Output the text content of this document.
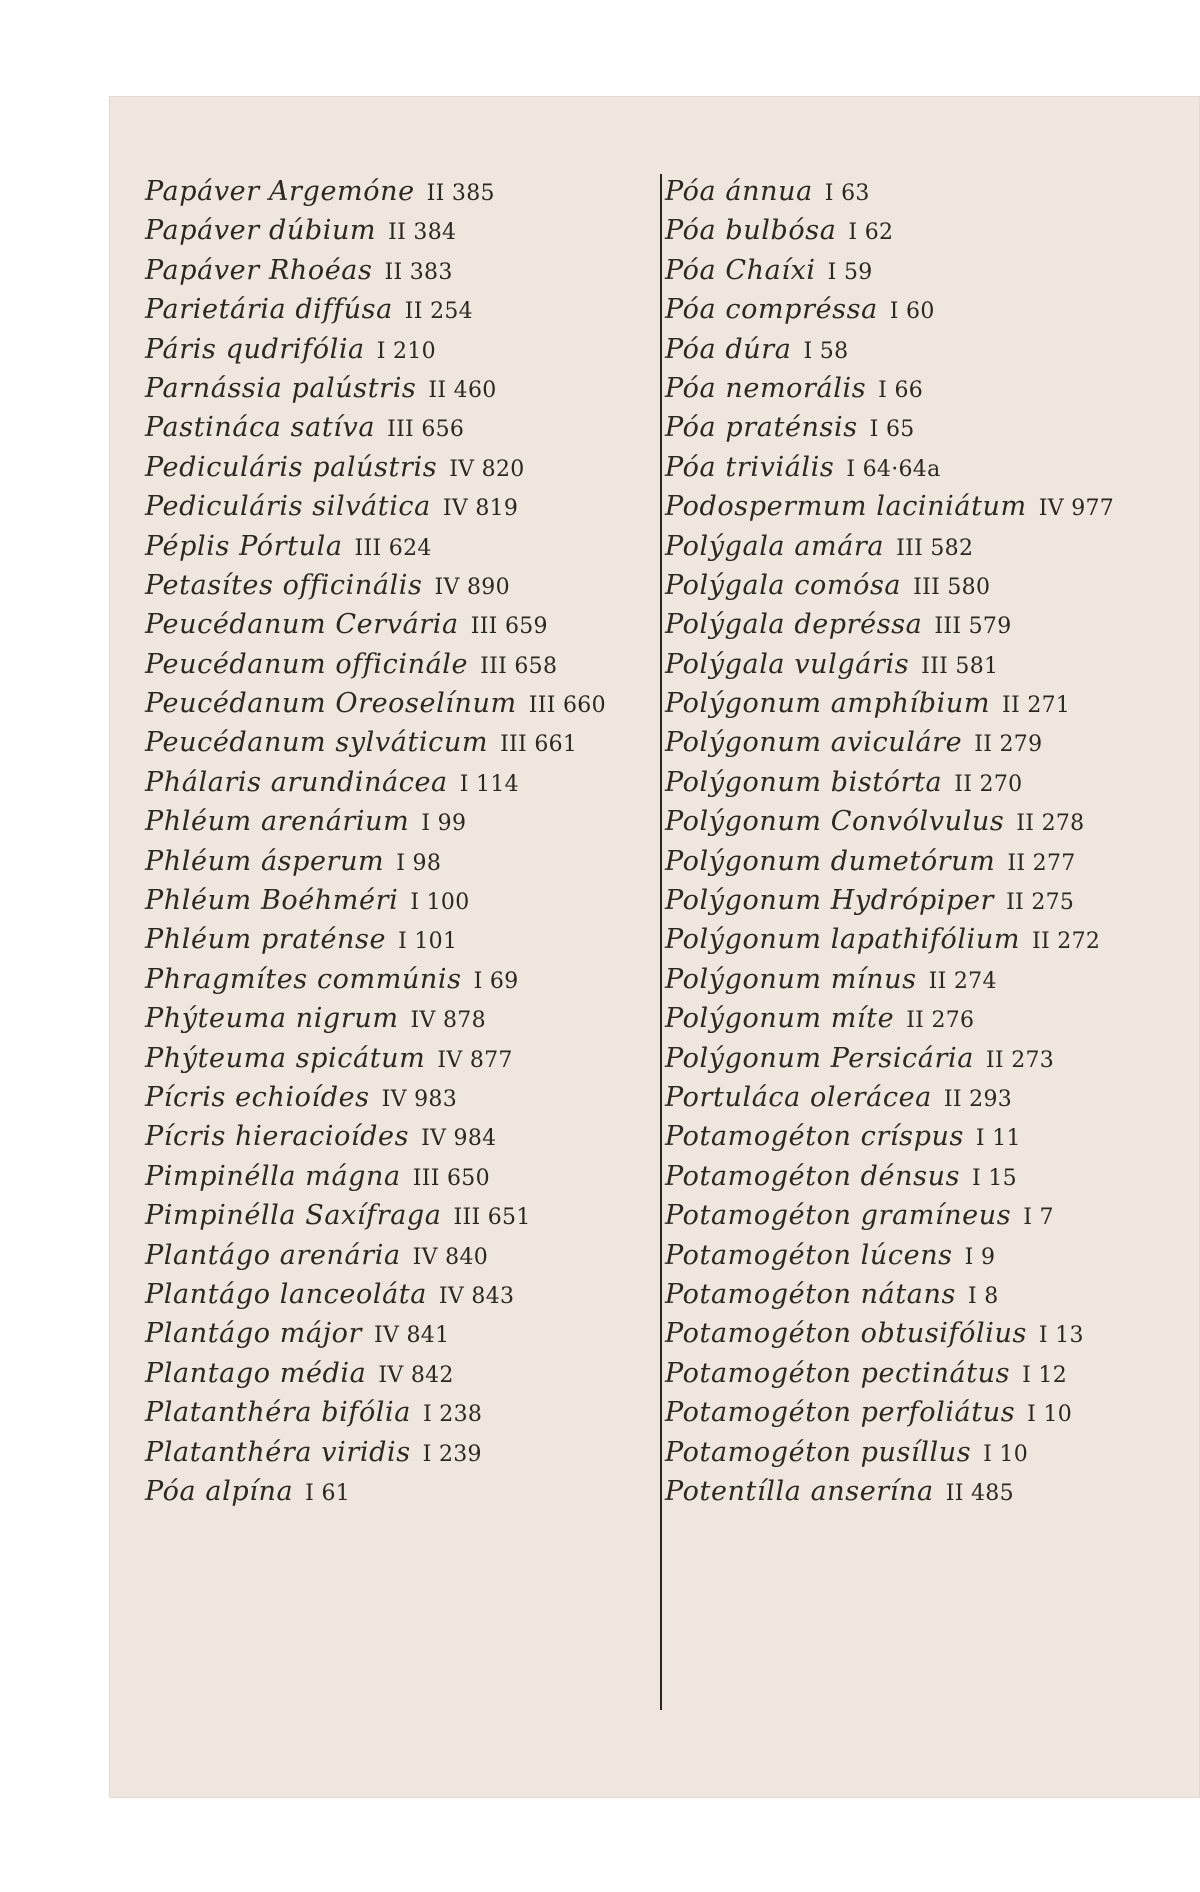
Papáver Argemóne II 385
Papáver dúbium II 384
Papáver Rhoéas II 383
Parietária diffúsa II 254
Páris qudrifólia I 210
Parnássia palústris II 460
Pastináca satíva III 656
Pediculáris palústris IV 820
Pediculáris silvática IV 819
Péplis Pórtula III 624
Petasítes officinális IV 890
Peucédanum Cervária III 659
Peucédanum officinále III 658
Peucédanum Oreoselínum III 660
Peucédanum sylváticum III 661
Phálaris arundinácea I 114
Phléum arenárium I 99
Phléum ásperum I 98
Phléum Boéhméri I 100
Phléum praténse I 101
Phragmítes commúnis I 69
Phýteuma nigrum IV 878
Phýteuma spicátum IV 877
Pícris echioídes IV 983
Pícris hieracioídes IV 984
Pimpinélla mágna III 650
Pimpinélla Saxífraga III 651
Plantágo arenária IV 840
Plantágo lanceoláta IV 843
Plantágo májor IV 841
Plantago média IV 842
Platanthéra bifólia I 238
Platanthéra viridis I 239
Póa alpína I 61
Póa ánnua I 63
Póa bulbósa I 62
Póa Chaíxi I 59
Póa compréssa I 60
Póa dúra I 58
Póa nemorális I 66
Póa praténsis I 65
Póa triviális I 64·64a
Podospermum laciniátum IV 977
Polýgala amára III 582
Polýgala comósa III 580
Polýgala depréssa III 579
Polýgala vulgáris III 581
Polýgonum amphíbium II 271
Polýgonum aviculáre II 279
Polýgonum bistórta II 270
Polýgonum Convólvulus II 278
Polýgonum dumetórum II 277
Polýgonum Hydrópiper II 275
Polýgonum lapathifólium II 272
Polýgonum mínus II 274
Polýgonum míte II 276
Polýgonum Persicária II 273
Portuláca oleráceа II 293
Potamogéton críspus I 11
Potamogéton dénsus I 15
Potamogéton gramíneus I 7
Potamogéton lúcens I 9
Potamogéton nátans I 8
Potamogéton obtusifólius I 13
Potamogéton pectinátus I 12
Potamogéton perfoliátus I 10
Potamogéton pusíllus I 10
Potentílla anserína II 485
